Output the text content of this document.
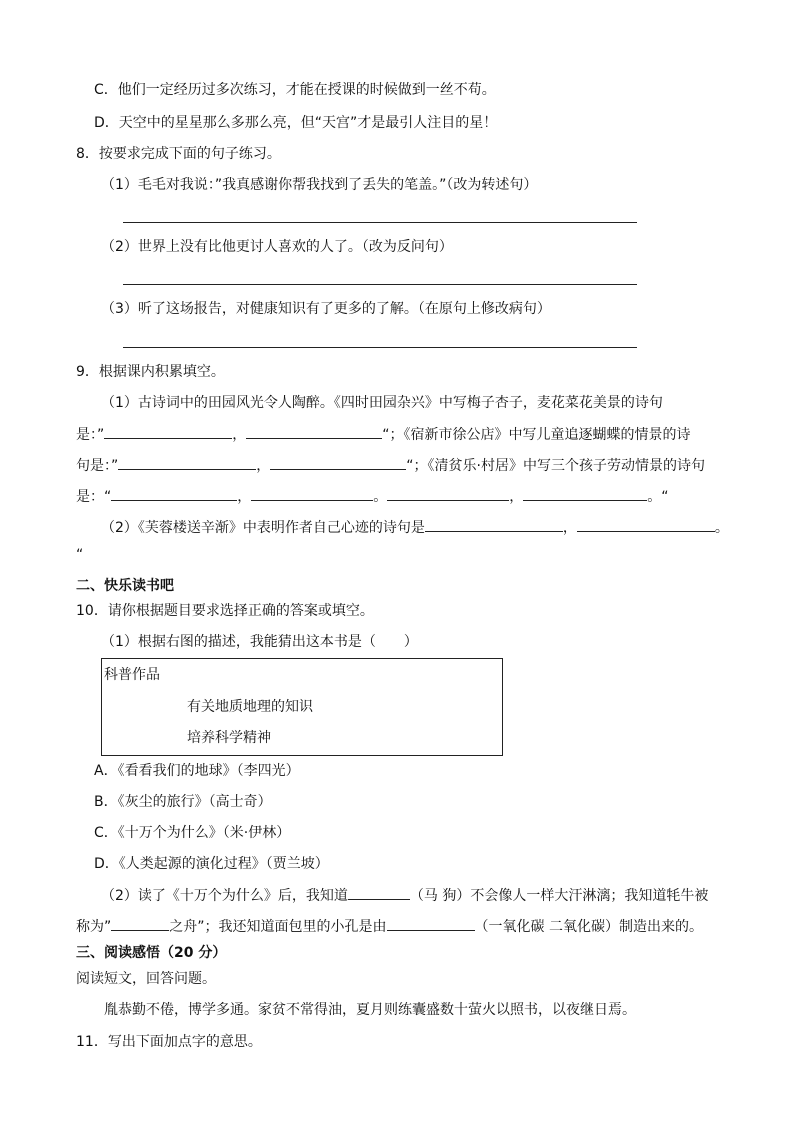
C．他们一定经历过多次练习，才能在授课的时候做到一丝不苟。
D．天空中的星星那么多那么亮，但“天宫”才是最引人注目的星！
8．按要求完成下面的句子练习。
（1）毛毛对我说：”我真感谢你帮我找到了丢失的笔盖。”（改为转述句）
（2）世界上没有比他更讨人喜欢的人了。（改为反问句）
（3）听了这场报告，对健康知识有了更多的了解。（在原句上修改病句）
9．根据课内积累填空。
（1）古诗词中的田园风光令人陶醉。《四时田园杂兴》中写梅子杏子，麦花菜花美景的诗句
是：”	，	“；《宿新市徐公店》中写儿童追逐蝴蝶的情景的诗
句是：”	，	“；《清贫乐·村居》中写三个孩子劳动情景的诗句
是：“	，	。	，	。“
（2）《芙蓉楼送辛渐》中表明作者自己心迹的诗句是	，	。
“
二、快乐读书吧
10．请你根据题目要求选择正确的答案或填空。
（1）根据右图的描述，我能猜出这本书是（　　）
科普作品
有关地质地理的知识
培养科学精神
A．《看看我们的地球》（李四光）
B．《灰尘的旅行》（高士奇）
C．《十万个为什么》（米·伊林）
D．《人类起源的演化过程》（贾兰坡）
（2）读了《十万个为什么》后，我知道	（马 狗）不会像人一样大汗淋漓；我知道牦牛被
称为”	之舟”；我还知道面包里的小孔是由	（一氧化碳 二氧化碳）制造出来的。
三、阅读感悟（20 分）
阅读短文，回答问题。
胤恭勤不倦，博学多通。家贫不常得油，夏月则练囊盛数十萤火以照书，以夜继日焉。
11．写出下面加点字的意思。
